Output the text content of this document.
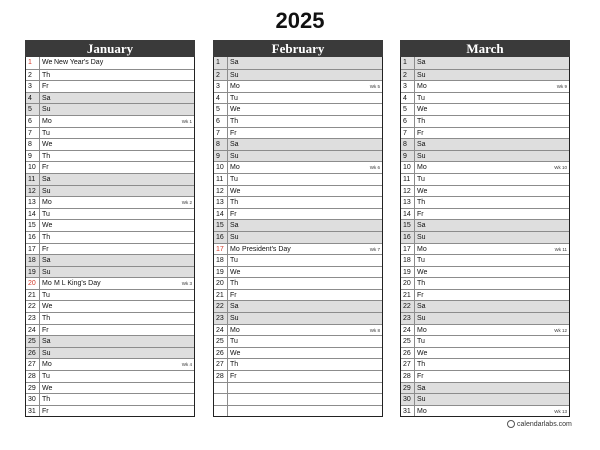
2025
January
1	We New Year's Day
2	Th
3	Fr
4	Sa
5	Su
6	Mo	Wk 1
7	Tu
8	We
9	Th
10 Fr
11 Sa
12 Su
13 Mo	Wk 2
14 Tu
15 We
16 Th
17 Fr
18 Sa
19 Su
20 Mo M L King's Day	Wk 3
21 Tu
22 We
23 Th
24 Fr
25 Sa
26 Su
27 Mo	Wk 4
28 Tu
29 We
30 Th
31 Fr
February
1	Sa
2	Su
3	Mo	Wk 5
4	Tu
5	We
6	Th
7	Fr
8	Sa
9	Su
10 Mo	Wk 6
11 Tu
12 We
13 Th
14 Fr
15 Sa
16 Su
17 Mo President's Day	Wk 7
18 Tu
19 We
20 Th
21 Fr
22 Sa
23 Su
24 Mo	Wk 8
25 Tu
26 We
27 Th
28 Fr
March
1	Sa
2	Su
3	Mo	Wk 9
4	Tu
5	We
6	Th
7	Fr
8	Sa
9	Su
10 Mo	Wk 10
11 Tu
12 We
13 Th
14 Fr
15 Sa
16 Su
17 Mo	Wk 11
18 Tu
19 We
20 Th
21 Fr
22 Sa
23 Su
24 Mo	Wk 12
25 Tu
26 We
27 Th
28 Fr
29 Sa
30 Su
31 Mo	Wk 13
calendarlabs.com
